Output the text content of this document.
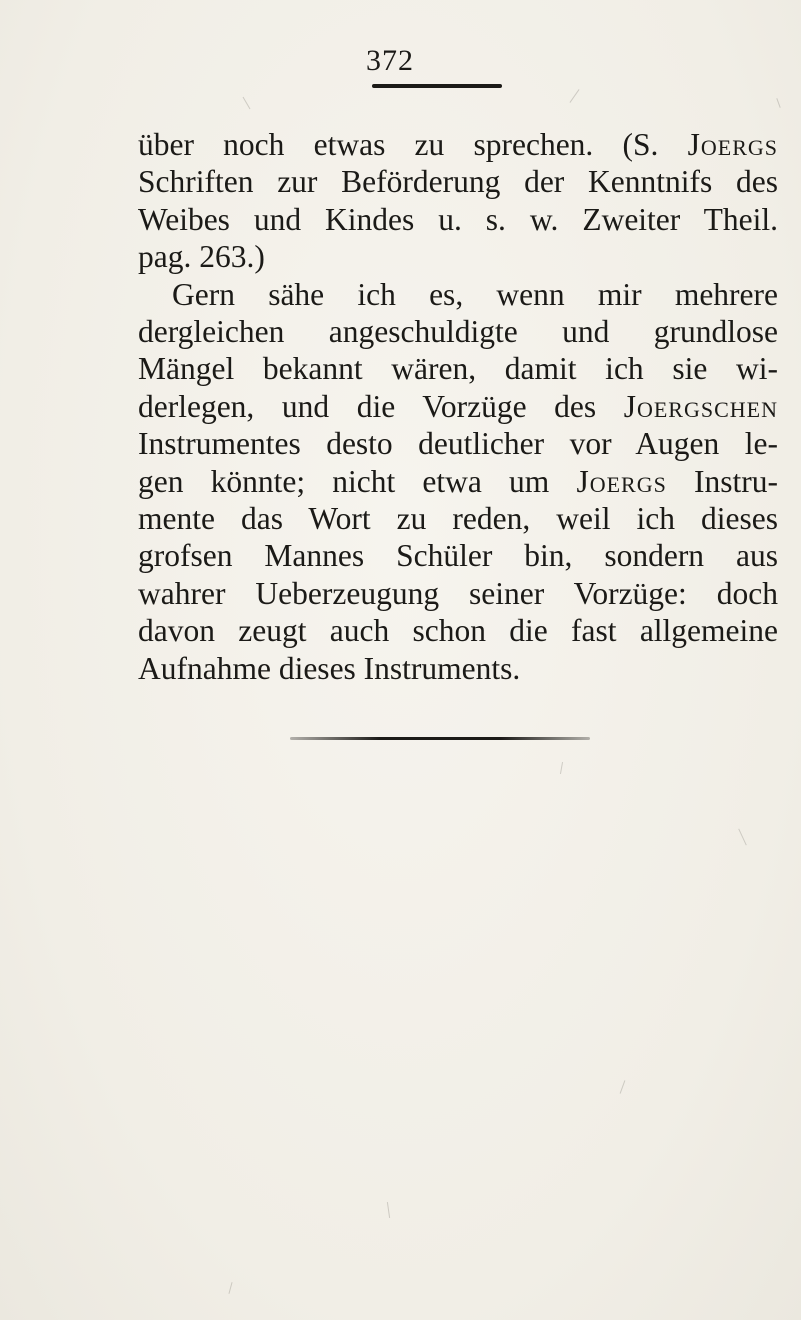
372
über noch etwas zu sprechen. (S. Joergs
Schriften zur Beförderung der Kenntnifs des
Weibes und Kindes u. s. w. Zweiter Theil.
pag. 263.)
Gern sähe ich es, wenn mir mehrere
dergleichen angeschuldigte und grundlose
Mängel bekannt wären, damit ich sie wi-
derlegen, und die Vorzüge des Joergschen
Instrumentes desto deutlicher vor Augen le-
gen könnte; nicht etwa um Joergs Instru-
mente das Wort zu reden, weil ich dieses
grofsen Mannes Schüler bin, sondern aus
wahrer Ueberzeugung seiner Vorzüge: doch
davon zeugt auch schon die fast allgemeine
Aufnahme dieses Instruments.
